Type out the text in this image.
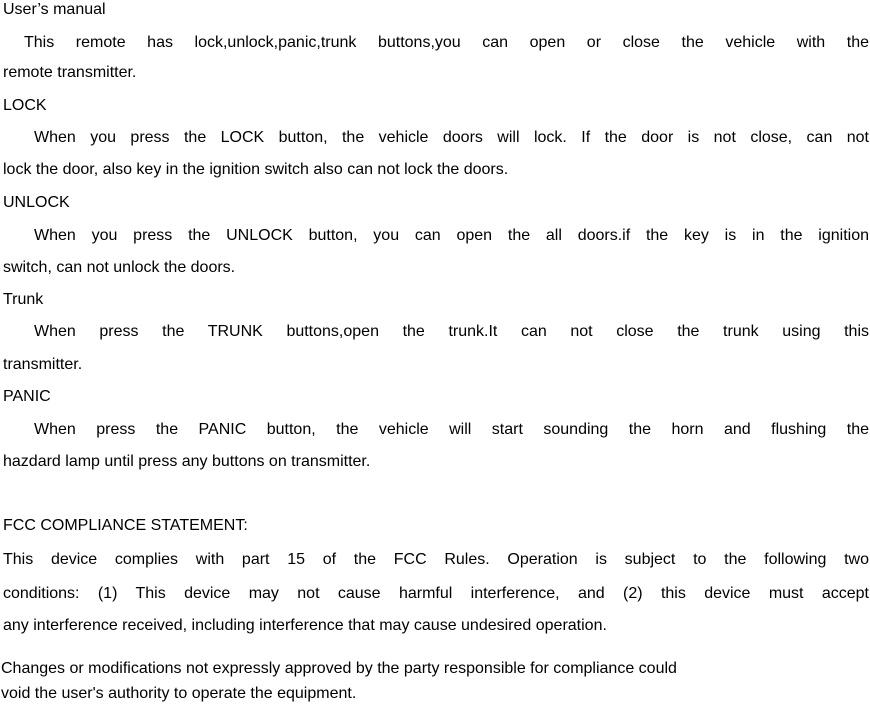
User’s manual
This remote has lock,unlock,panic,trunk buttons,you can open or close the vehicle with the
remote transmitter.
LOCK
When you press the LOCK button, the vehicle doors will lock. If the door is not close, can not
lock the door, also key in the ignition switch also can not lock the doors.
UNLOCK
When you press the UNLOCK button, you can open the all doors.if the key is in the ignition
switch, can not unlock the doors.
Trunk
When press the TRUNK buttons,open the trunk.It can not close the trunk using this
transmitter.
PANIC
When press the PANIC button, the vehicle will start sounding the horn and flushing the
hazdard lamp until press any buttons on transmitter.
FCC COMPLIANCE STATEMENT:
This device complies with part 15 of the FCC Rules. Operation is subject to the following two
conditions: (1) This device may not cause harmful interference, and (2) this device must accept
any interference received, including interference that may cause undesired operation.
Changes or modifications not expressly approved by the party responsible for compliance could
void the user's authority to operate the equipment.
